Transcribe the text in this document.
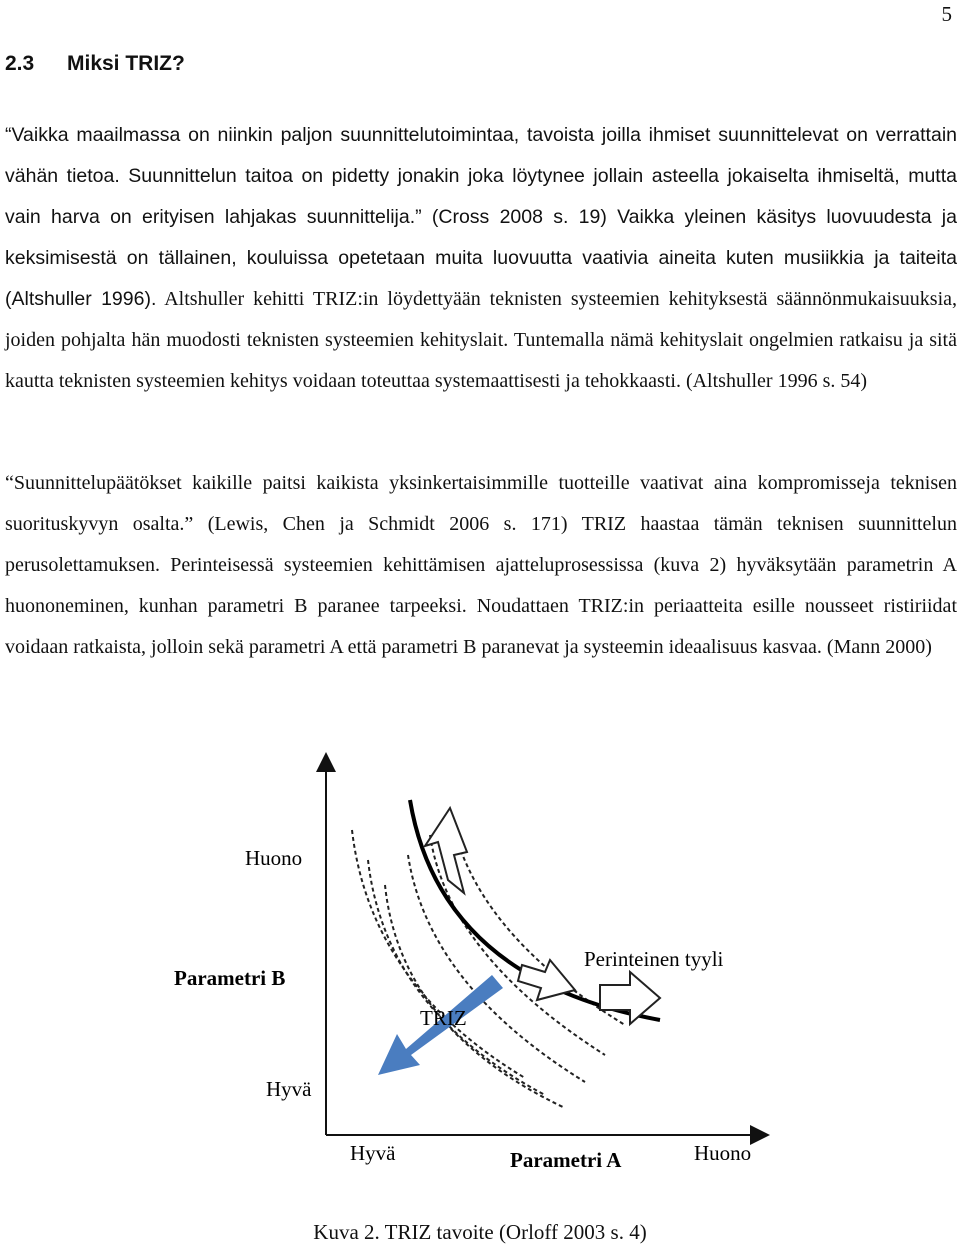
5
2.3 Miksi TRIZ?

“Vaikka maailmassa on niinkin paljon suunnittelutoimintaa, tavoista joilla ihmiset suunnittelevat on verrattain vähän tietoa. Suunnittelun taitoa on pidetty jonakin joka löytynee jollain asteella jokaiselta ihmiseltä, mutta vain harva on erityisen lahjakas suunnittelija.” (Cross 2008 s. 19) Vaikka yleinen käsitys luovuudesta ja keksimisestä on tällainen, kouluissa opetetaan muita luovuutta vaativia aineita kuten musiikkia ja taiteita (Altshuller 1996). Altshuller kehitti TRIZ:in löydettyään teknisten systeemien kehityksestä säännönmukaisuuksia, joiden pohjalta hän muodosti teknisten systeemien kehityslait. Tuntemalla nämä kehityslait ongelmien ratkaisu ja sitä kautta teknisten systeemien kehitys voidaan toteuttaa systemaattisesti ja tehokkaasti. (Altshuller 1996 s. 54)

“Suunnittelupäätökset kaikille paitsi kaikista yksinkertaisimmille tuotteille vaativat aina kompromisseja teknisen suorituskyvyn osalta.” (Lewis, Chen ja Schmidt 2006 s. 171) TRIZ haastaa tämän teknisen suunnittelun perusolettamuksen. Perinteisessä systeemien kehittämisen ajatteluprosessissa (kuva 2) hyväksytään parametrin A huononeminen, kunhan parametri B paranee tarpeeksi. Noudattaen TRIZ:in periaatteita esille nousseet ristiriidat voidaan ratkaista, jolloin sekä parametri A että parametri B paranevat ja systeemin ideaalisuus kasvaa. (Mann 2000)

Huono
Parametri B
Hyvä
Hyvä	Parametri A	Huono
Perinteinen tyyli
TRIZ
Kuva 2. TRIZ tavoite (Orloff 2003 s. 4)
